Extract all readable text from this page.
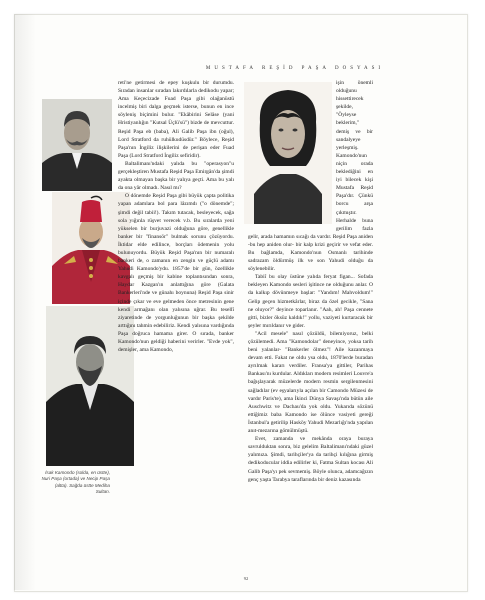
MUSTAFA REŞİD PAŞA DOSYASI
İsak Kamondo (solda, en üstte), Nuri Paşa (ortada) ve Necip Paşa (altta). Sağda üstte Mediha Sultan.

reti'ne getirmesi de epey kuşkulu bir durumdu. Sıradan insanlar sıradan lakırdılarla dedikodu yapar; Ama Keçecizade Fuad Paşa gibi olağanüstü incelmiş biri dalga geçmek isterse, bunun en ince söyleniş biçimini bulur. "Ekâbirini Selâse (yani Hristiyanlığın "Kutsal Üçlü'sü") bizde de mevcuttur. Reşid Paşa eb (baba), Ali Galib Paşa ibn (oğul), Lord Stratford da ruhülkudüsdür." Böylece, Reşid Paşa'nın İngiliz ilişkilerini de perişan eder Fuad Paşa (Lord Stratford İngiliz sefiridir).

Baltalimanı'ndaki yalıda bu "operasyon"u gerçekleştiren Mustafa Reşid Paşa Emirgân'da şimdi ayakta olmayan başka bir yalıya geçti. Ama bu yalı da ona yâr olmadı. Nasıl mı?

O dönemde Reşid Paşa gibi büyük çapta politika yapan adamlara bol para lâzımdı ("o dönemde"; şimdi değil tabii!). Takım tutacak, besleyecek, sağa sola yığınla rüşvet verecek v.b. Bu sıralarda yeni yükselen bir burjuvazi olduğuna göre, genellikle banker bir "finansör" bulmak sorunu çözüyordu. İktidar elde edilince, borçları ödemenin yolu bulunuyordu. Büyük Reşid Paşa'nın bir numaralı bankeri de, o zamanın en zengin ve güçlü adamı Yahudi Kamondo'ydu. 1857'de bir gün, özellikle kavgalı geçmiş bir kabine toplantısından sonra, Haydar Kazgan'ın anlattığına göre (Galata Bankerleri'nde ve günahı boynuna) Reşid Paşa sinir içinde çıkar ve eve gelmeden önce metresinin gene kendi armağanı olan yalısına uğrar. Bu tesellî ziyaretinde de yorgunluğunun bir başka şekilde arttığını tahmin edebiliriz. Kendi yalısına vardığında Paşa doğruca hamama girer. O sırada, banker Kamondo'nun geldiği haberini verirler. "Evde yok", demişler, ama Kamondo,

işin önemli olduğunu hissettirecek şekilde, "Öyleyse beklerim," demiş ve bir sandalyeye yerleşmiş. Kamondo'nun niçin orada beklediğini en iyi bilecek kişi Mustafa Reşid Paşa'dır. Çünkü borcu arşa çıkmıştır. Herhalde buna gerilim fazla gelir, arada hamamın sıcağı da vardır. Reşid Paşa aniden -bu hep aniden olur- bir kalp krizi geçirir ve vefat eder. Bu bağlamda, Kamondo'nun Osmanlı tarihinde sadrazam öldürmüş ilk ve son Yahudi olduğu da söylenebilir.

Tabiî bu olay üstüne yalıda feryat figan... Sofada bekleyen Kamondo sesleri işitince ne olduğunu anlar. O da kalkıp dövünmeye başlar: "Yandım! Mahvoldum!" Gelip geçen hizmetkârlar, biraz da özel gecikle, "Sana ne oluyor?" deyince toparlanır. "Aah, ah! Paşa cennete gitti, bizler öksüz kaldık!" yollu, vaziyeti kurtaracak bir şeyler mırıldanır ve gider.

"Acil mesele" nasıl çözüldü, bilemiyoruz, belki çözülemedi. Ama "Kamondolar" deneyince, yoksa tarih beni yalanlar- "Bankerler ölmez"! Aile kazanmaya devam etti. Fakat ne oldu ysa oldu, 1870'lerde buradan ayrılmak kararı verdiler. Fransa'ya gittiler, Parihas Bankası'nı kurdular. Aldıkları modern resimleri Louvre'a bağışlayarak müzelerde modern resmin sergilenmesini sağladılar (ev eşyalarıyla açılan bir Camondo Müzesi de vardır Paris'te), ama İkinci Dünya Savaşı'nda bütün aile Auschwitz ve Dachau'da yok oldu. Yukarıda sözünü ettiğimiz baba Kamondo ise ölünce vasiyeti gereği İstanbul'a getirilip Hasköy Yahudi Mezarlığı'nda yapılan anıt-mezarına gömülmüştü.

Evet, zamanda ve mekânda oraya buraya savrulduktan sonra, biz gelelim Baltalimanı'ndaki güzel yalımıza. Şimdi, tarihçiler'ya da tarihçi kılığına girmiş dedikoducular iddia edilirler ki, Fatma Sultan kocası Ali Galib Paşa'yı pek sevmemiş. Böyle olunca, adamcağızın genç yaşta Tarabya taraflarında bir deniz kazasında

92
